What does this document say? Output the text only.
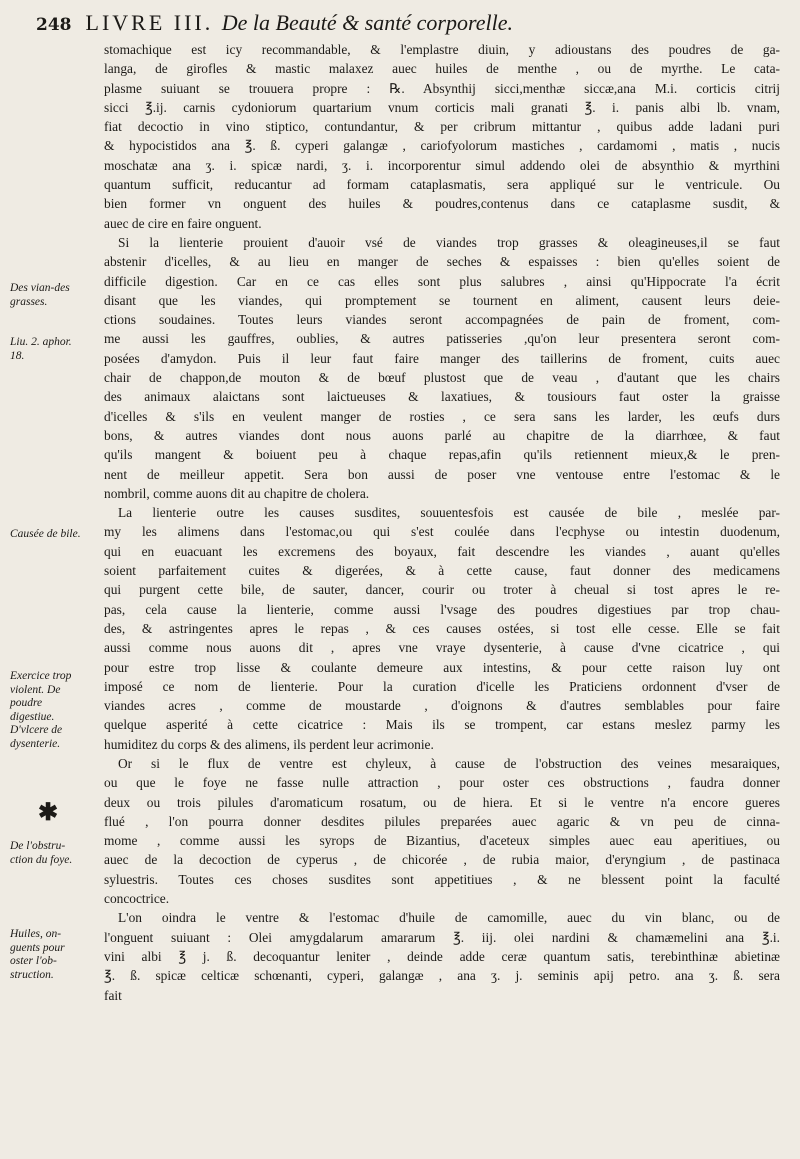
248 LIVRE III. De la Beauté & santé corporelle.
Des vian-des grasses.
Liu. 2. aphor. 18.
Causée de bile.
Exercice trop violent. De poudre digestiue. D'vlcere de dysenterie.
✱
De l'obstru-ction du foye.
Huiles, on-guents pour oster l'ob-struction.
stomachique est icy recommandable, & l'emplastre diuin, y adioustans des poudres de ga-
langa, de girofles & mastic malaxez auec huiles de menthe , ou de myrthe. Le cata-
plasme suiuant se trouuera propre : ℞. Absynthij sicci,menthæ siccæ,ana M.i. corticis citrij
sicci ℥.ij. carnis cydoniorum quartarium vnum corticis mali granati ℥. i. panis albi lb. vnam,
fiat decoctio in vino stiptico, contundantur, & per cribrum mittantur , quibus adde ladani puri
& hypocistidos ana ℥. ß. cyperi galangæ , cariofyolorum mastiches , cardamomi , matis , nucis
moschatæ ana ʒ. i. spicæ nardi, ʒ. i. incorporentur simul addendo olei de absynthio & myrthini
quantum sufficit, reducantur ad formam cataplasmatis, sera appliqué sur le ventricule. Ou
bien former vn onguent des huiles & poudres,contenus dans ce cataplasme susdit, &
auec de cire en faire onguent.
Si la lienterie prouient d'auoir vsé de viandes trop grasses & oleagineuses,il se faut
abstenir d'icelles, & au lieu en manger de seches & espaisses : bien qu'elles soient de
difficile digestion. Car en ce cas elles sont plus salubres , ainsi qu'Hippocrate l'a écrit
disant que les viandes, qui promptement se tournent en aliment, causent leurs deie-
ctions soudaines. Toutes leurs viandes seront accompagnées de pain de froment, com-
me aussi les gauffres, oublies, & autres patisseries ,qu'on leur presentera seront com-
posées d'amydon. Puis il leur faut faire manger des taillerins de froment, cuits auec
chair de chappon,de mouton & de bœuf plustost que de veau , d'autant que les chairs
des animaux alaictans sont laictueuses & laxatiues, & tousiours faut oster la graisse
d'icelles & s'ils en veulent manger de rosties , ce sera sans les larder, les œufs durs
bons, & autres viandes dont nous auons parlé au chapitre de la diarrhœe, & faut
qu'ils mangent & boiuent peu à chaque repas,afin qu'ils retiennent mieux,& le pren-
nent de meilleur appetit. Sera bon aussi de poser vne ventouse entre l'estomac & le
nombril, comme auons dit au chapitre de cholera.
La lienterie outre les causes susdites, souuentesfois est causée de bile , meslée par-
my les alimens dans l'estomac,ou qui s'est coulée dans l'ecphyse ou intestin duodenum,
qui en euacuant les excremens des boyaux, fait descendre les viandes , auant qu'elles
soient parfaitement cuites & digerées, & à cette cause, faut donner des medicamens
qui purgent cette bile, de sauter, dancer, courir ou troter à cheual si tost apres le re-
pas, cela cause la lienterie, comme aussi l'vsage des poudres digestiues par trop chau-
des, & astringentes apres le repas , & ces causes ostées, si tost elle cesse. Elle se fait
aussi comme nous auons dit , apres vne vraye dysenterie, à cause d'vne cicatrice , qui
pour estre trop lisse & coulante demeure aux intestins, & pour cette raison luy ont
imposé ce nom de lienterie. Pour la curation d'icelle les Praticiens ordonnent d'vser de
viandes acres , comme de moustarde , d'oignons & d'autres semblables pour faire
quelque asperité à cette cicatrice : Mais ils se trompent, car estans meslez parmy les
humiditez du corps & des alimens, ils perdent leur acrimonie.
Or si le flux de ventre est chyleux, à cause de l'obstruction des veines mesaraiques,
ou que le foye ne fasse nulle attraction , pour oster ces obstructions , faudra donner
deux ou trois pilules d'aromaticum rosatum, ou de hiera. Et si le ventre n'a encore gueres
flué , l'on pourra donner desdites pilules preparées auec agaric & vn peu de cinna-
mome , comme aussi les syrops de Bizantius, d'aceteux simples auec eau aperitiues, ou
auec de la decoction de cyperus , de chicorée , de rubia maior, d'eryngium , de pastinaca
syluestris. Toutes ces choses susdites sont appetitiues , & ne blessent point la faculté
concoctrice.
L'on oindra le ventre & l'estomac d'huile de camomille, auec du vin blanc, ou de
l'onguent suiuant : Olei amygdalarum amararum ℥. iij. olei nardini & chamæmelini ana ℥.i.
vini albi ℥ j. ß. decoquantur leniter , deinde adde ceræ quantum satis, terebinthinæ abietinæ
℥. ß. spicæ celticæ schœnanti, cyperi, galangæ , ana ʒ. j. seminis apij petro. ana ʒ. ß. sera
fait
